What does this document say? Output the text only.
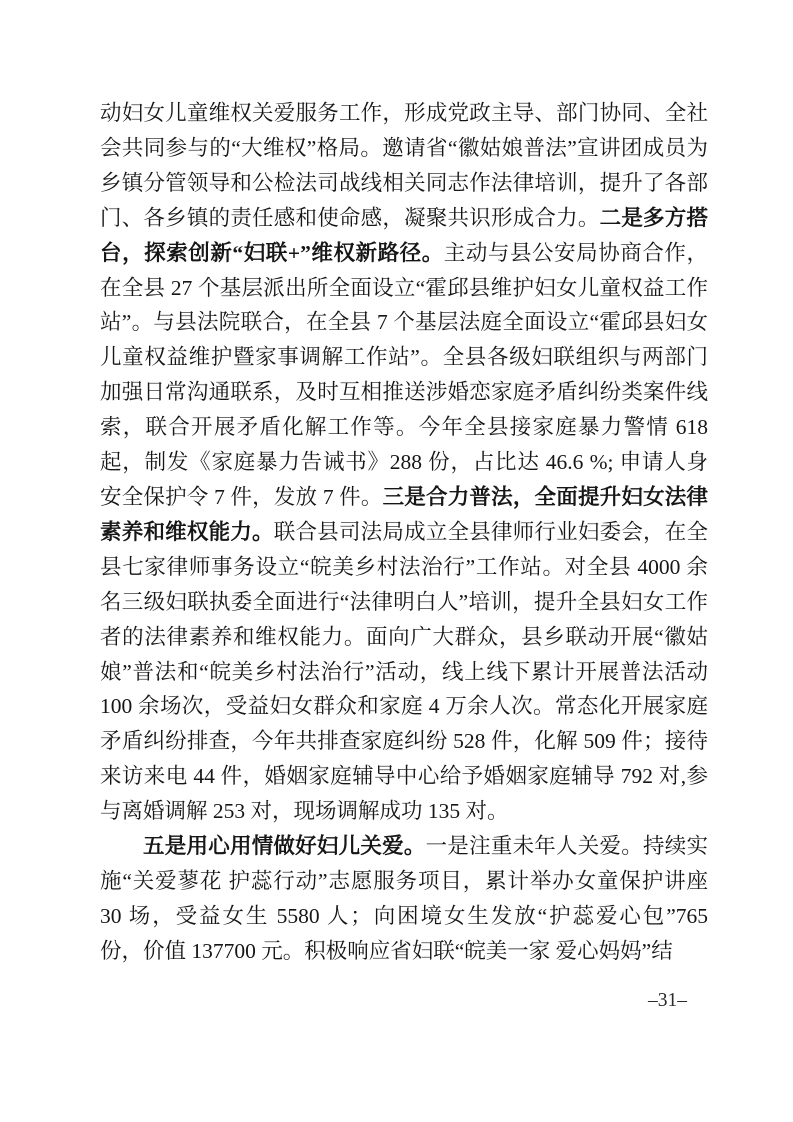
动妇女儿童维权关爱服务工作，形成党政主导、部门协同、全社会共同参与的“大维权”格局。邀请省“徽姑娘普法”宣讲团成员为乡镇分管领导和公检法司战线相关同志作法律培训，提升了各部门、各乡镇的责任感和使命感，凝聚共识形成合力。二是多方搭台，探索创新“妇联+”维权新路径。主动与县公安局协商合作，在全县 27 个基层派出所全面设立“霍邱县维护妇女儿童权益工作站”。与县法院联合，在全县 7 个基层法庭全面设立“霍邱县妇女儿童权益维护暨家事调解工作站”。全县各级妇联组织与两部门加强日常沟通联系，及时互相推送涉婚恋家庭矛盾纠纷类案件线索，联合开展矛盾化解工作等。今年全县接家庭暴力警情 618 起，制发《家庭暴力告诫书》288 份，占比达 46.6 %; 申请人身安全保护令 7 件，发放 7 件。三是合力普法，全面提升妇女法律素养和维权能力。联合县司法局成立全县律师行业妇委会，在全县七家律师事务设立“皖美乡村法治行”工作站。对全县 4000 余名三级妇联执委全面进行“法律明白人”培训，提升全县妇女工作者的法律素养和维权能力。面向广大群众，县乡联动开展“徽姑娘”普法和“皖美乡村法治行”活动，线上线下累计开展普法活动 100 余场次，受益妇女群众和家庭 4 万余人次。常态化开展家庭矛盾纠纷排查，今年共排查家庭纠纷 528 件，化解 509 件；接待来访来电 44 件，婚姻家庭辅导中心给予婚姻家庭辅导 792 对,参与离婚调解 253 对，现场调解成功 135 对。

五是用心用情做好妇儿关爱。一是注重未年人关爱。持续实施“关爱蓼花 护蕊行动”志愿服务项目，累计举办女童保护讲座 30 场，受益女生 5580 人；向困境女生发放“护蕊爱心包”765 份，价值 137700 元。积极响应省妇联“皖美一家 爱心妈妈”结

–31–
